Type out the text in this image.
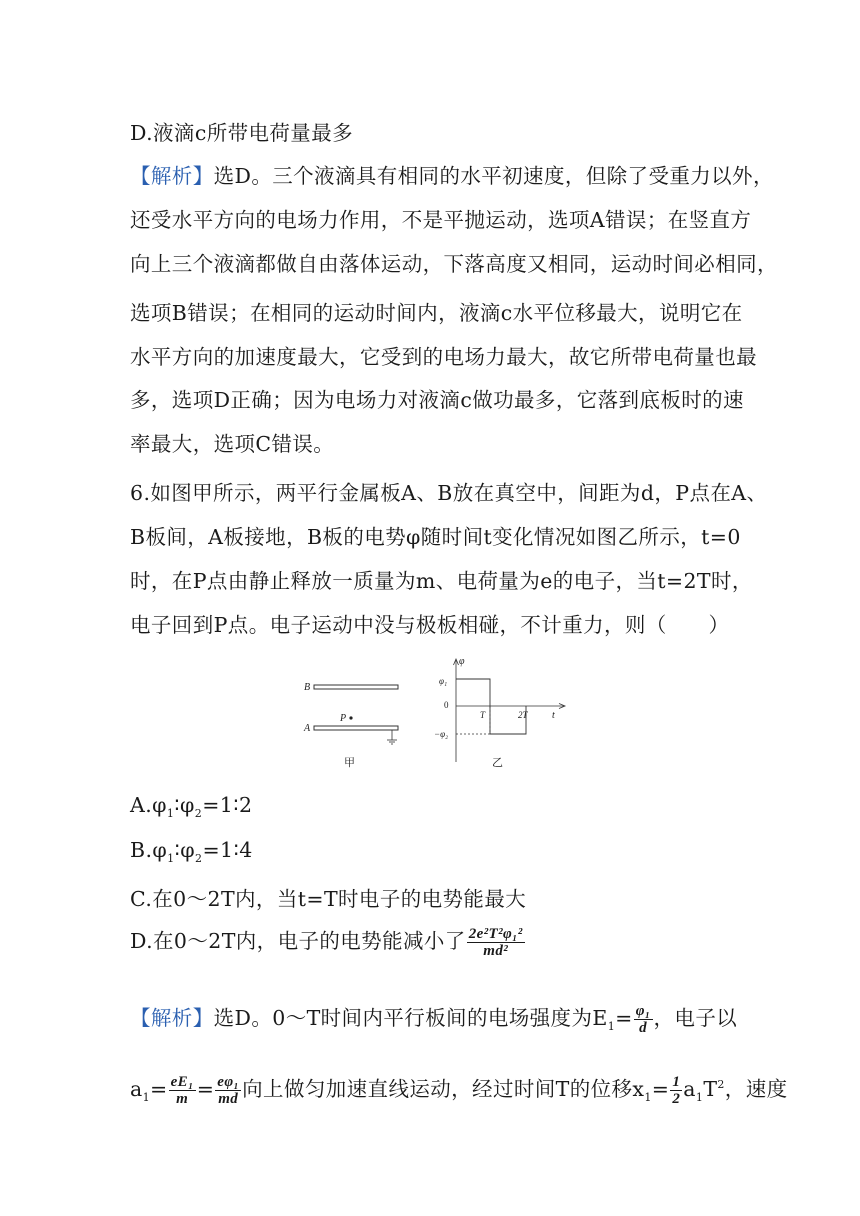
D.液滴c所带电荷量最多
【解析】选D。三个液滴具有相同的水平初速度，但除了受重力以外，
还受水平方向的电场力作用，不是平抛运动，选项A错误；在竖直方
向上三个液滴都做自由落体运动，下落高度又相同，运动时间必相同，
选项B错误；在相同的运动时间内，液滴c水平位移最大，说明它在
水平方向的加速度最大，它受到的电场力最大，故它所带电荷量也最
多，选项D正确；因为电场力对液滴c做功最多，它落到底板时的速
率最大，选项C错误。
6.如图甲所示，两平行金属板A、B放在真空中，间距为d，P点在A、
B板间，A板接地，B板的电势φ随时间t变化情况如图乙所示，t=0
时，在P点由静止释放一质量为m、电荷量为e的电子，当t=2T时，
电子回到P点。电子运动中没与极板相碰，不计重力，则（　　）
B
A
P
甲
φ
t
φ₁
0
−φ₂
T	2T
乙
$A.\varphi_1∶\varphi_2=1∶2$
$B.\varphi_1∶\varphi_2=1∶4$
C.在0～2T内，当t=T时电子的电势能最大
D.在0～2T内，电子的电势能减小了 $\frac{\text{2e²T²φ₁²}}{\text{md²}}$
【解析】选D。0～T时间内平行板间的电场强度为$E_1= \frac{\text{φ₁}}{d}$ ，电子以
$a_1= \frac{\text{eE₁}}{m} = \frac{\text{eφ₁}}{md}$ 向上做匀加速直线运动，经过时间T的位移$x_1= \frac{1}{2} a_1T^2$，速度
